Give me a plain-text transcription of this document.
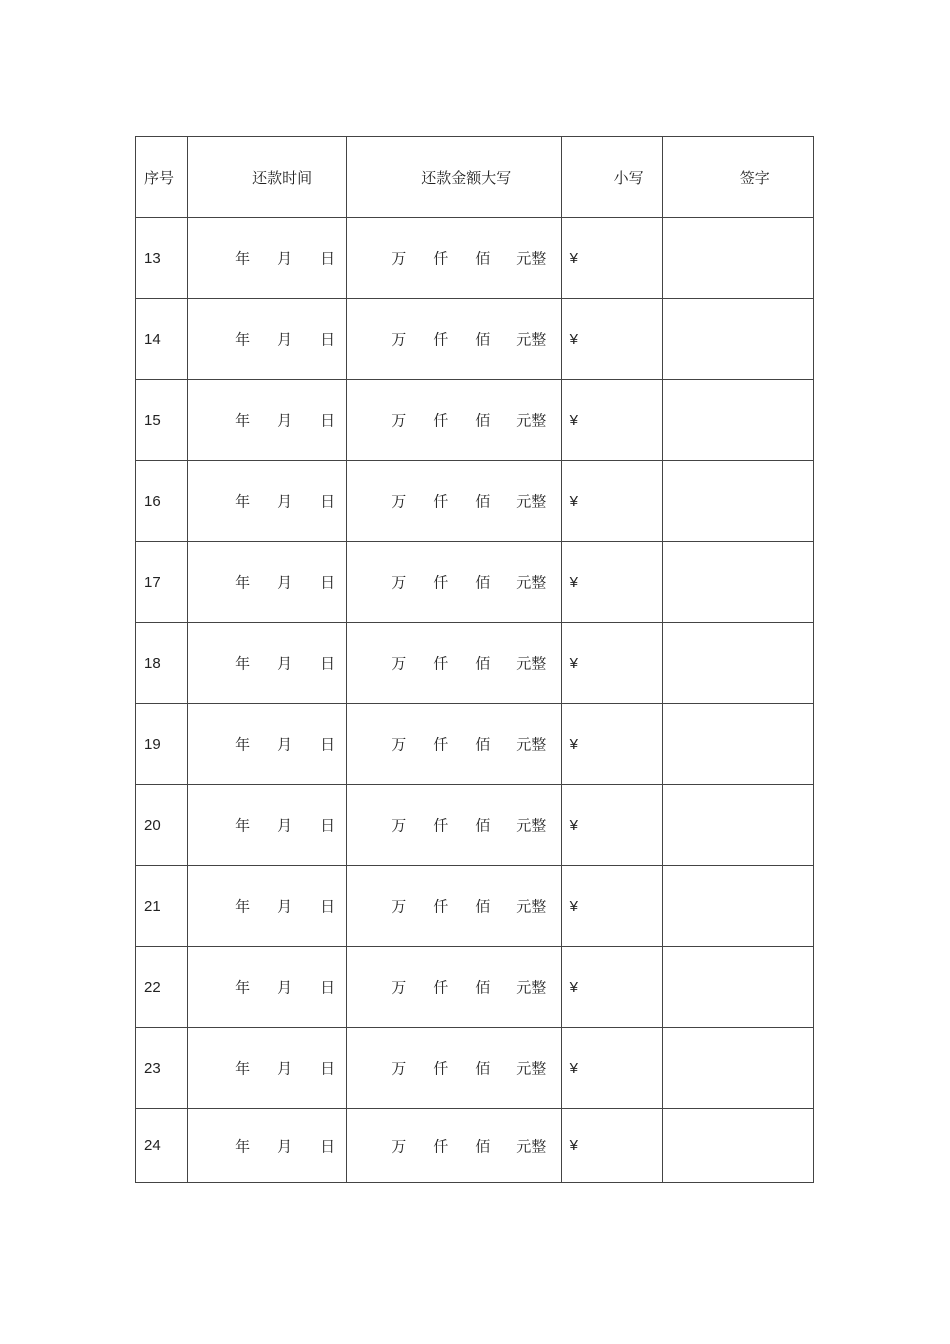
序号	还款时间	还款金额大写	小写	签字
13	年 月 日	万 仟 佰 元整	¥	
14	年 月 日	万 仟 佰 元整	¥	
15	年 月 日	万 仟 佰 元整	¥	
16	年 月 日	万 仟 佰 元整	¥	
17	年 月 日	万 仟 佰 元整	¥	
18	年 月 日	万 仟 佰 元整	¥	
19	年 月 日	万 仟 佰 元整	¥	
20	年 月 日	万 仟 佰 元整	¥	
21	年 月 日	万 仟 佰 元整	¥	
22	年 月 日	万 仟 佰 元整	¥	
23	年 月 日	万 仟 佰 元整	¥	
24	年 月 日	万 仟 佰 元整	¥	
